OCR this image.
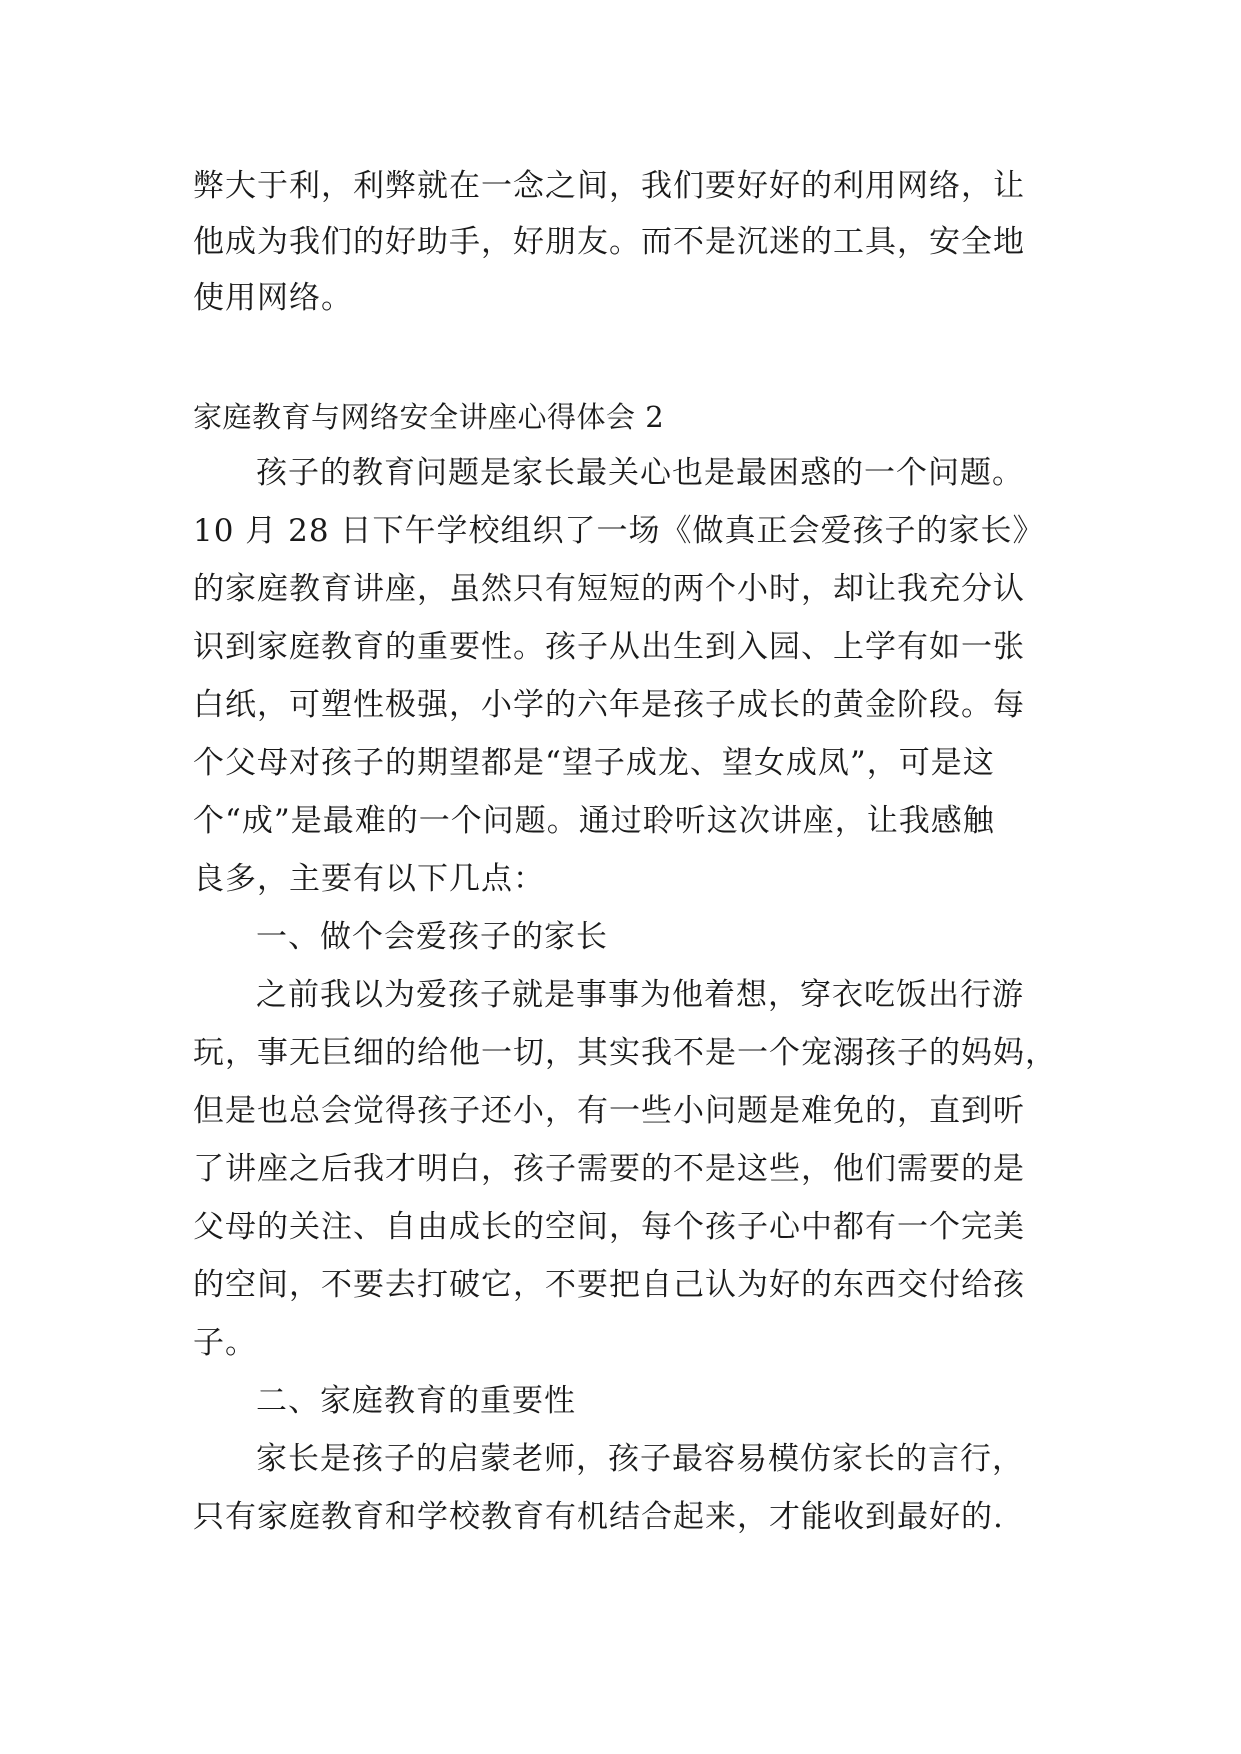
弊大于利，利弊就在一念之间，我们要好好的利用网络，让
他成为我们的好助手，好朋友。而不是沉迷的工具，安全地
使用网络。
家庭教育与网络安全讲座心得体会 2
孩子的教育问题是家长最关心也是最困惑的一个问题。
10 月 28 日下午学校组织了一场《做真正会爱孩子的家长》
的家庭教育讲座，虽然只有短短的两个小时，却让我充分认
识到家庭教育的重要性。孩子从出生到入园、上学有如一张
白纸，可塑性极强，小学的六年是孩子成长的黄金阶段。每
个父母对孩子的期望都是“望子成龙、望女成凤”，可是这
个“成”是最难的一个问题。通过聆听这次讲座，让我感触
良多，主要有以下几点：
一、做个会爱孩子的家长
之前我以为爱孩子就是事事为他着想，穿衣吃饭出行游
玩，事无巨细的给他一切，其实我不是一个宠溺孩子的妈妈，
但是也总会觉得孩子还小，有一些小问题是难免的，直到听
了讲座之后我才明白，孩子需要的不是这些，他们需要的是
父母的关注、自由成长的空间，每个孩子心中都有一个完美
的空间，不要去打破它，不要把自己认为好的东西交付给孩
子。
二、家庭教育的重要性
家长是孩子的启蒙老师，孩子最容易模仿家长的言行，
只有家庭教育和学校教育有机结合起来，才能收到最好的.
